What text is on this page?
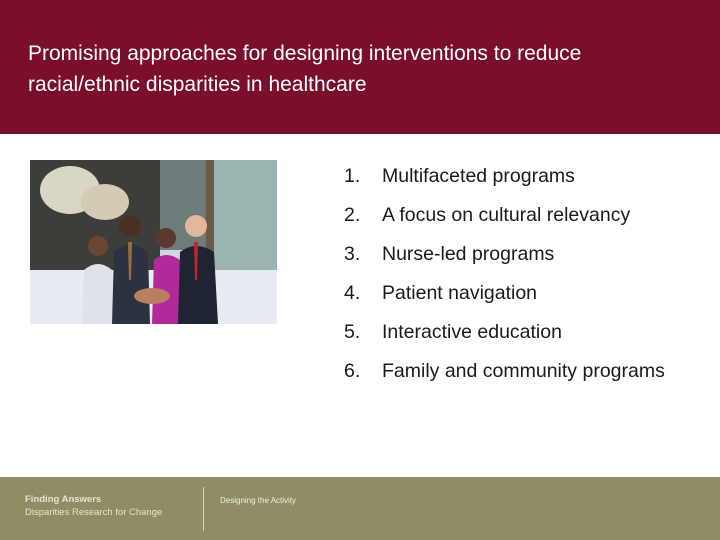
Promising approaches for designing interventions to reduce racial/ethnic disparities in healthcare
1.	Multifaceted programs
2.	A focus on cultural relevancy
3.	Nurse-led programs
4.	Patient navigation
5.	Interactive education
6.	Family and community programs
Finding Answers
Disparities Research for Change
Designing the Activity
